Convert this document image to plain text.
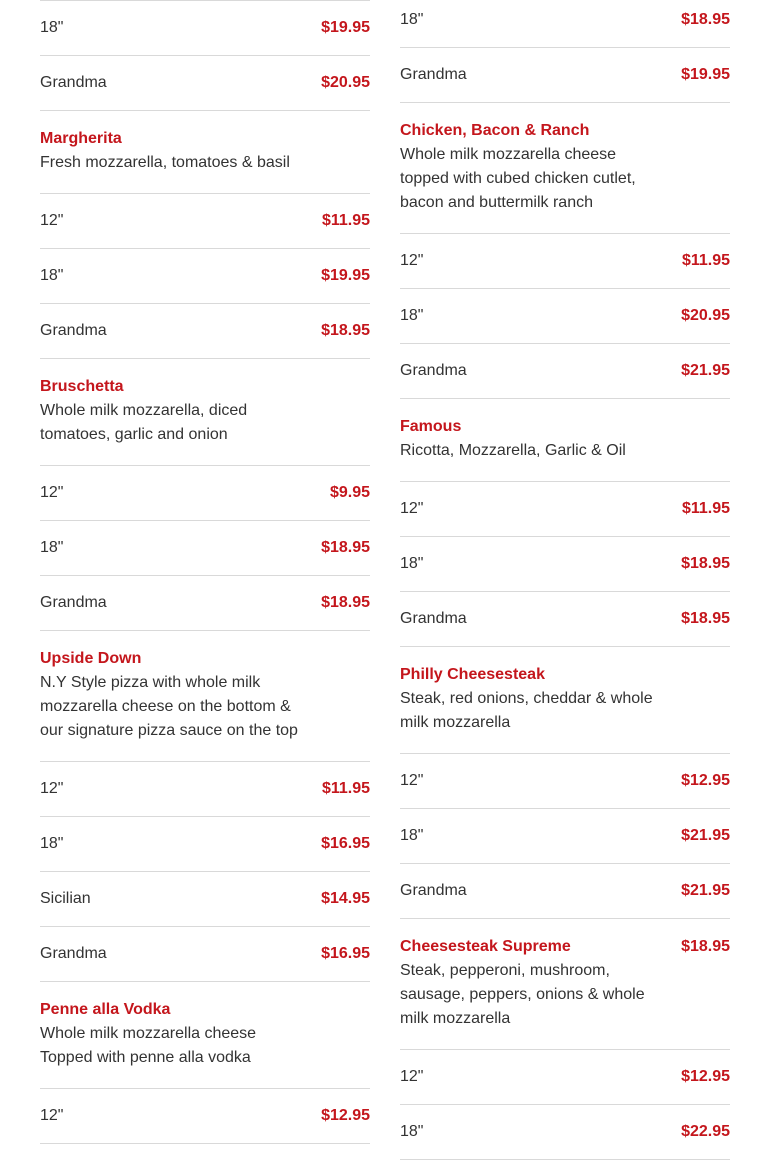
18"	$19.95
Grandma	$20.95
Margherita
Fresh mozzarella, tomatoes & basil
12"	$11.95
18"	$19.95
Grandma	$18.95
Bruschetta
Whole milk mozzarella, diced tomatoes, garlic and onion
12"	$9.95
18"	$18.95
Grandma	$18.95
Upside Down
N.Y Style pizza with whole milk mozzarella cheese on the bottom & our signature pizza sauce on the top
12"	$11.95
18"	$16.95
Sicilian	$14.95
Grandma	$16.95
Penne alla Vodka
Whole milk mozzarella cheese Topped with penne alla vodka
12"	$12.95
18"	$18.95
Grandma	$19.95
Chicken, Bacon & Ranch
Whole milk mozzarella cheese topped with cubed chicken cutlet, bacon and buttermilk ranch
12"	$11.95
18"	$20.95
Grandma	$21.95
Famous
Ricotta, Mozzarella, Garlic & Oil
12"	$11.95
18"	$18.95
Grandma	$18.95
Philly Cheesesteak
Steak, red onions, cheddar & whole milk mozzarella
12"	$12.95
18"	$21.95
Grandma	$21.95
Cheesesteak Supreme	$18.95
Steak, pepperoni, mushroom, sausage, peppers, onions & whole milk mozzarella
12"	$12.95
18"	$22.95
